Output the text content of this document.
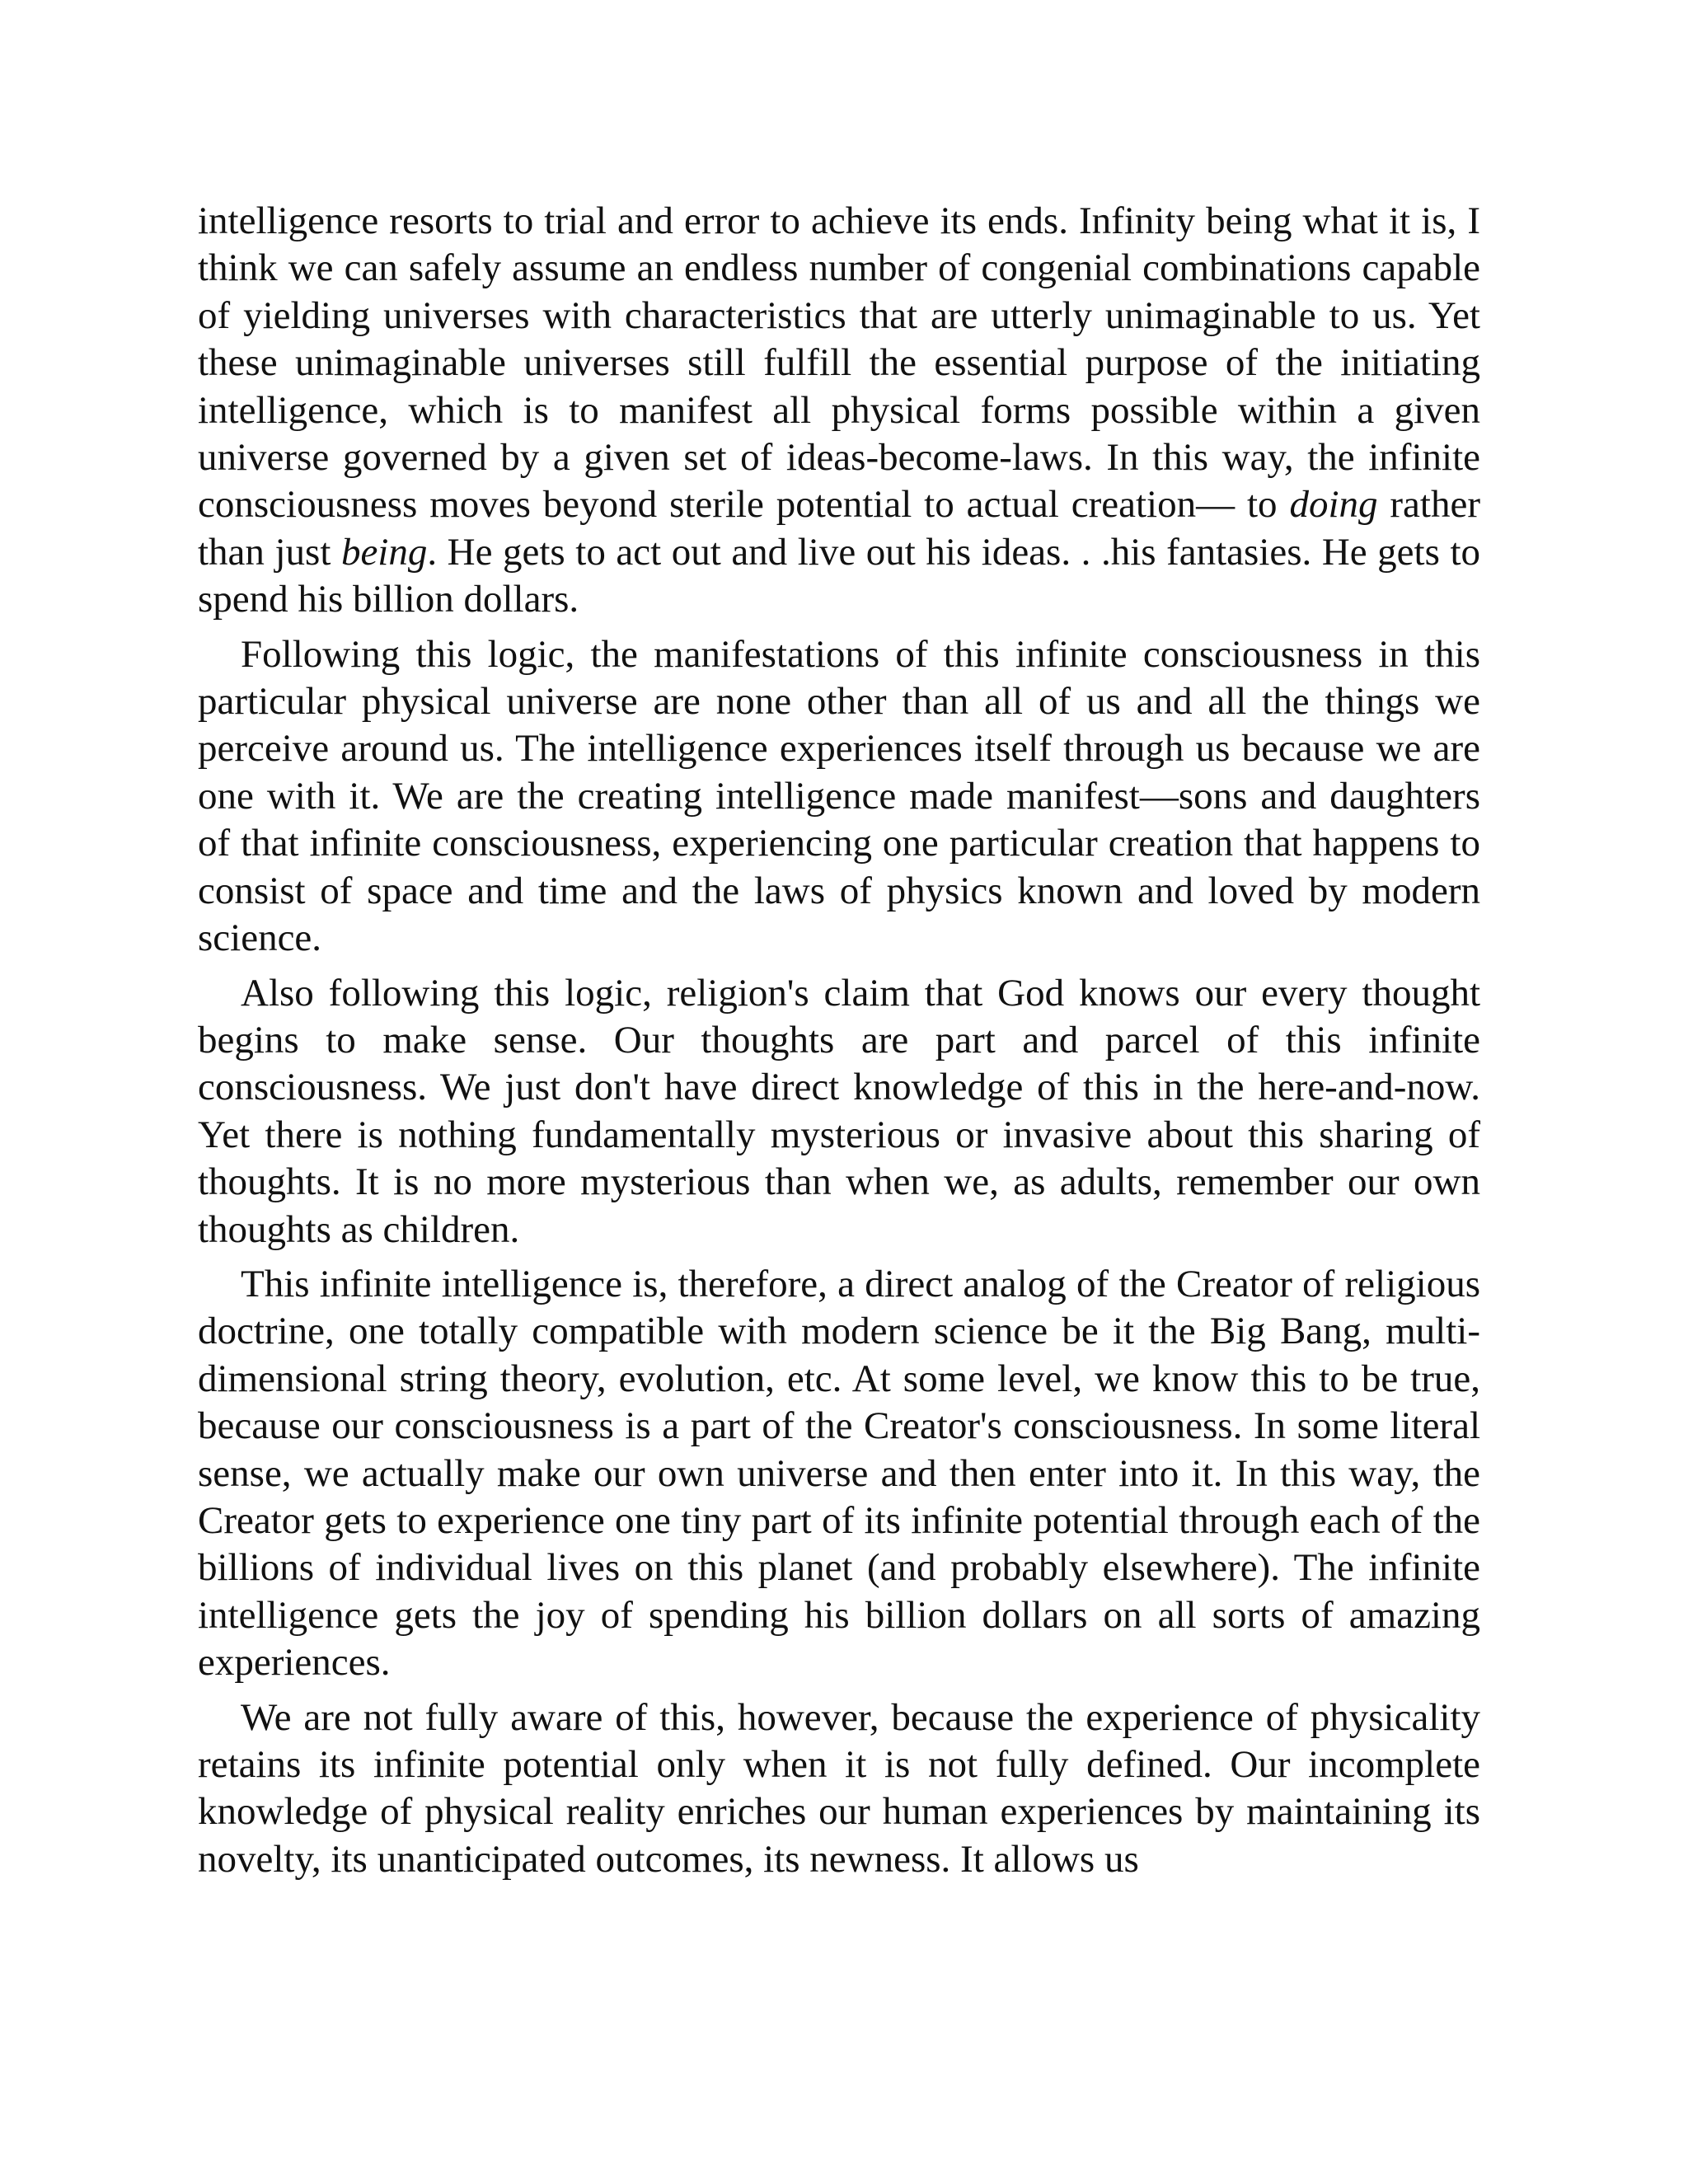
intelligence resorts to trial and error to achieve its ends. Infinity being what it is, I think we can safely assume an endless number of congenial combinations capable of yielding universes with characteristics that are utterly unimaginable to us. Yet these unimaginable universes still fulfill the essential purpose of the initiating intelligence, which is to manifest all physical forms possible within a given universe governed by a given set of ideas-become-laws. In this way, the infinite consciousness moves beyond sterile potential to actual creation— to doing rather than just being. He gets to act out and live out his ideas. . .his fantasies. He gets to spend his billion dollars.

Following this logic, the manifestations of this infinite consciousness in this particular physical universe are none other than all of us and all the things we perceive around us. The intelligence experiences itself through us because we are one with it. We are the creating intelligence made manifest—sons and daughters of that infinite consciousness, experiencing one particular creation that happens to consist of space and time and the laws of physics known and loved by modern science.

Also following this logic, religion's claim that God knows our every thought begins to make sense. Our thoughts are part and parcel of this infinite consciousness. We just don't have direct knowledge of this in the here-and-now. Yet there is nothing fundamentally mysterious or invasive about this sharing of thoughts. It is no more mysterious than when we, as adults, remember our own thoughts as children.

This infinite intelligence is, therefore, a direct analog of the Creator of religious doctrine, one totally compatible with modern science be it the Big Bang, multi-dimensional string theory, evolution, etc. At some level, we know this to be true, because our consciousness is a part of the Creator's consciousness. In some literal sense, we actually make our own universe and then enter into it. In this way, the Creator gets to experience one tiny part of its infinite potential through each of the billions of individual lives on this planet (and probably elsewhere). The infinite intelligence gets the joy of spending his billion dollars on all sorts of amazing experiences.

We are not fully aware of this, however, because the experience of physicality retains its infinite potential only when it is not fully defined. Our incomplete knowledge of physical reality enriches our human experiences by maintaining its novelty, its unanticipated outcomes, its newness. It allows us
